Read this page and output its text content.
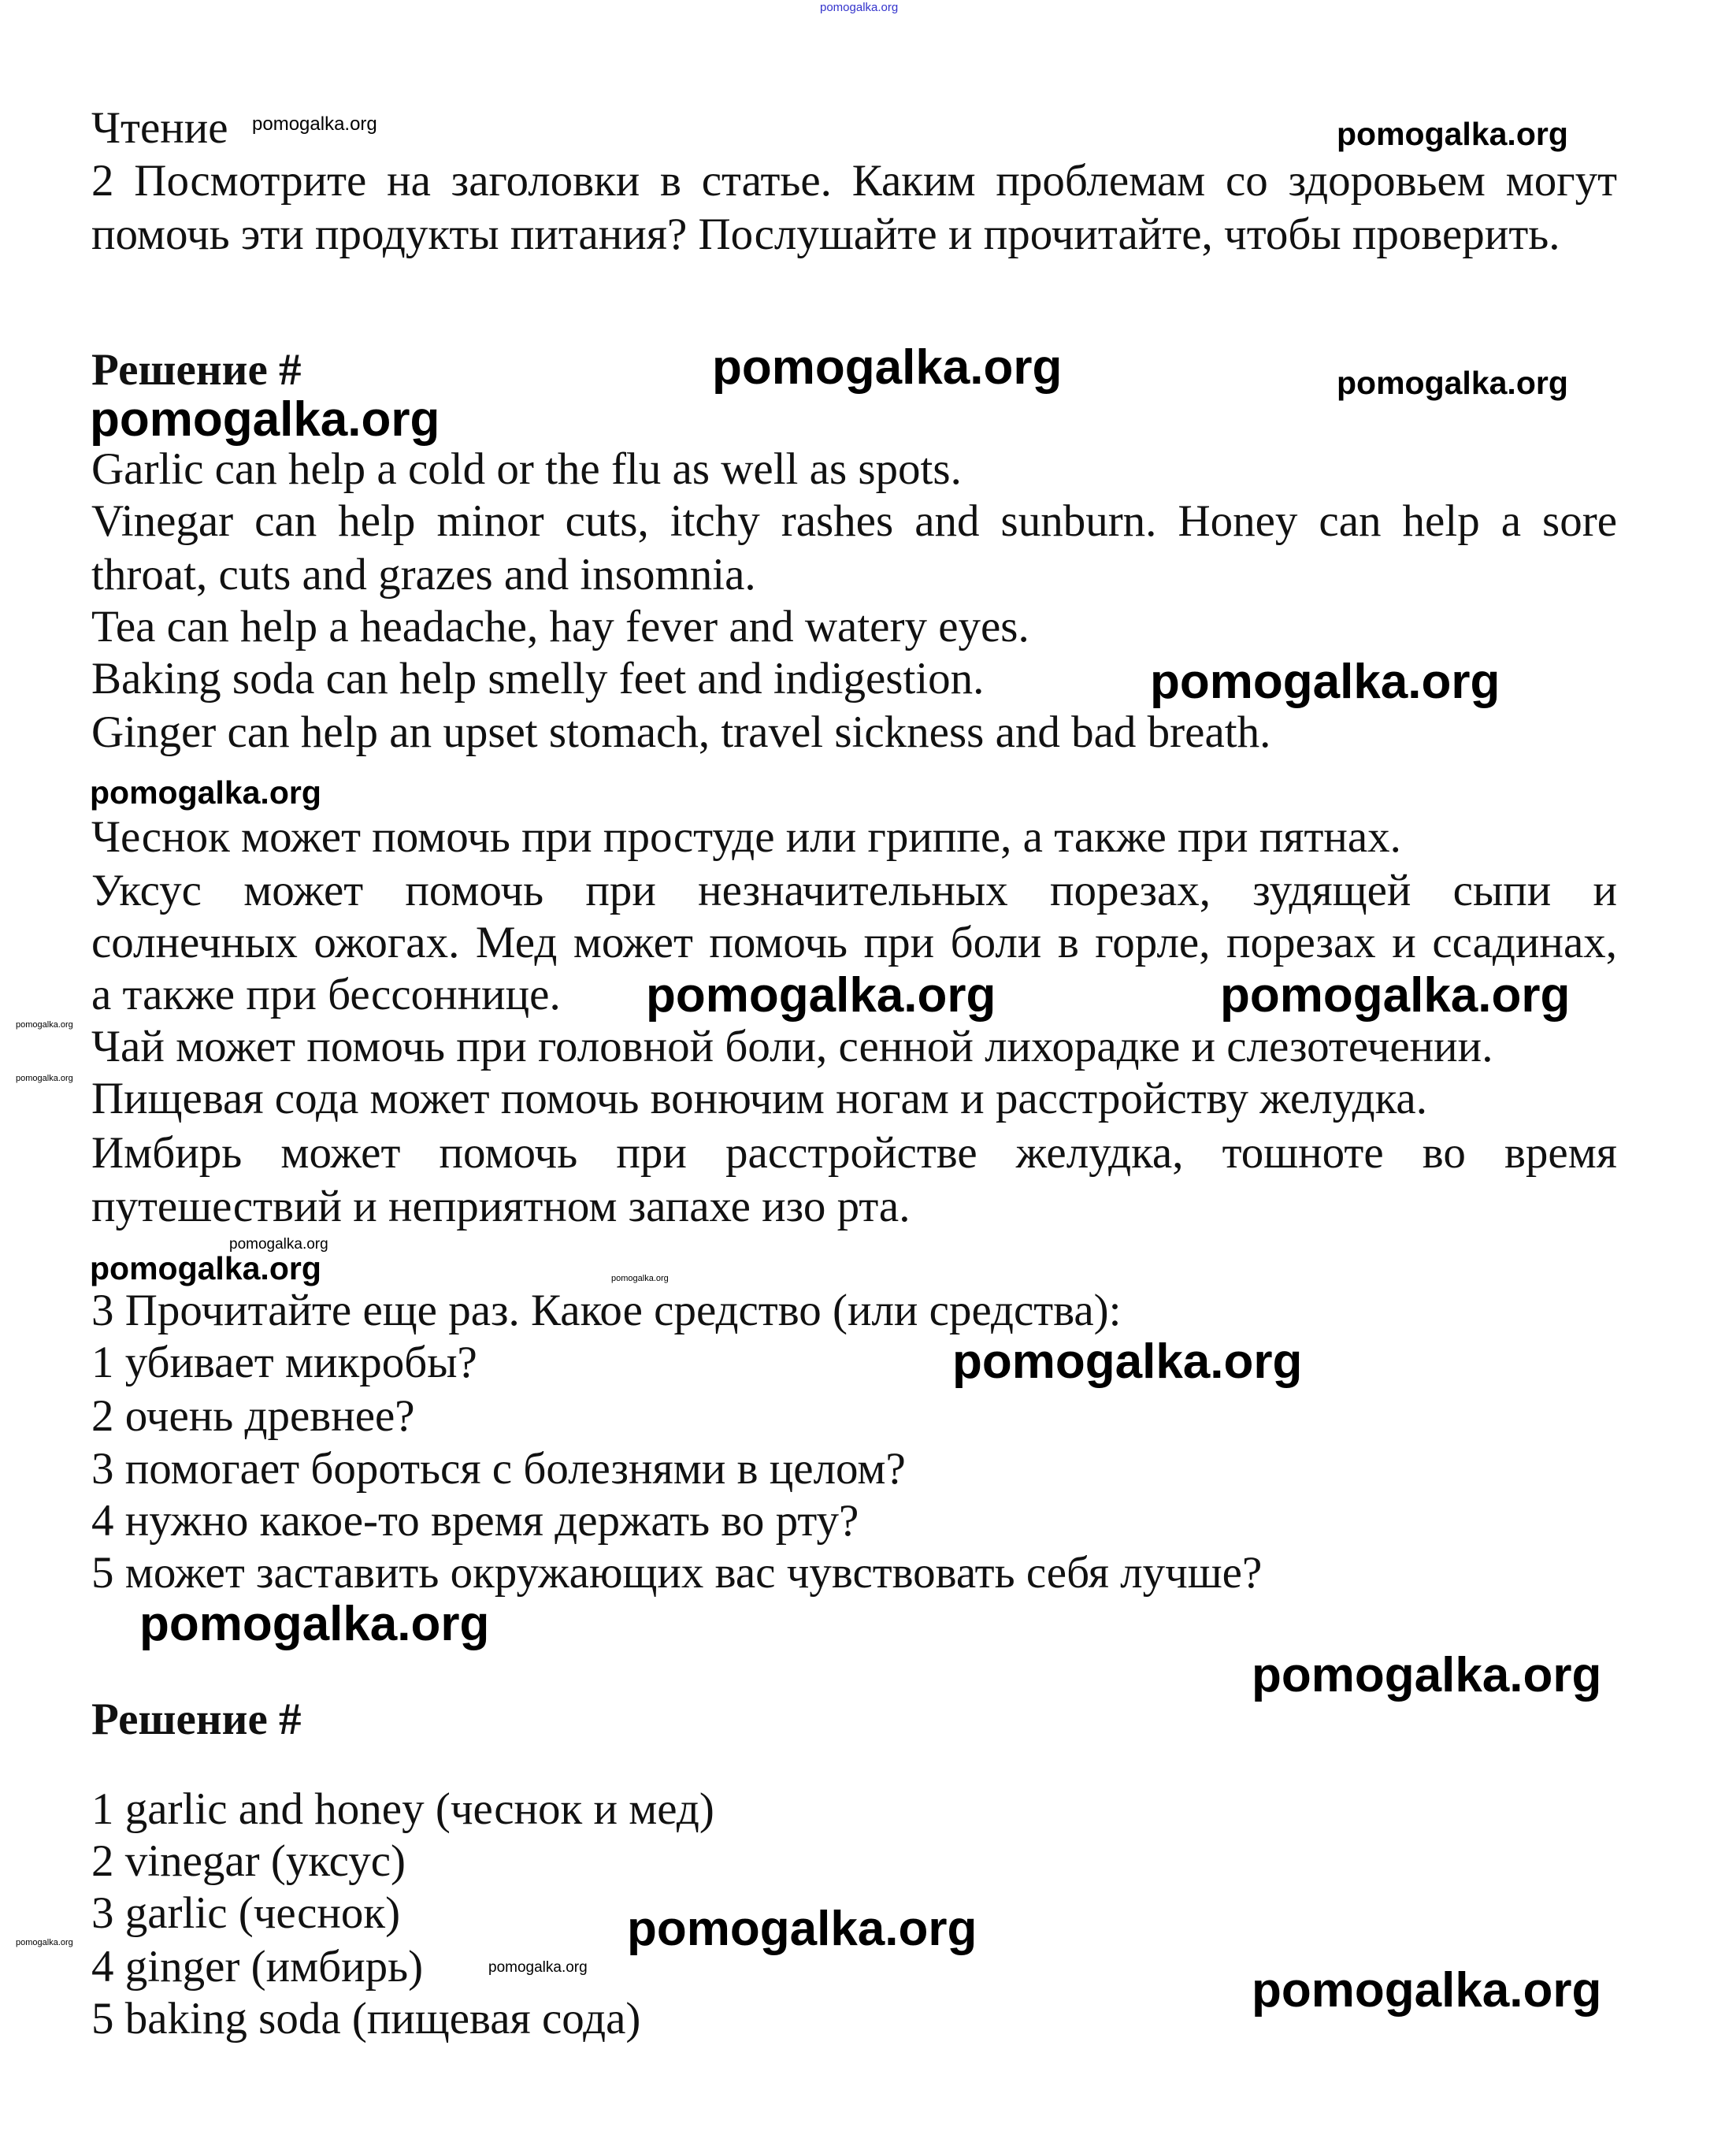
Чтение
2 Посмотрите на заголовки в статье. Каким проблемам со здоровьем могут
помочь эти продукты питания? Послушайте и прочитайте, чтобы проверить.
Решение #
Garlic can help a cold or the flu as well as spots.
Vinegar can help minor cuts, itchy rashes and sunburn. Honey can help a sore
throat, cuts and grazes and insomnia.
Tea can help a headache, hay fever and watery eyes.
Baking soda can help smelly feet and indigestion.
Ginger can help an upset stomach, travel sickness and bad breath.
Чеснок может помочь при простуде или гриппе, а также при пятнах.
Уксус может помочь при незначительных порезах, зудящей сыпи и
солнечных ожогах. Мед может помочь при боли в горле, порезах и ссадинах,
а также при бессоннице.
Чай может помочь при головной боли, сенной лихорадке и слезотечении.
Пищевая сода может помочь вонючим ногам и расстройству желудка.
Имбирь может помочь при расстройстве желудка, тошноте во время
путешествий и неприятном запахе изо рта.
3 Прочитайте еще раз. Какое средство (или средства):
1 убивает микробы?
2 очень древнее?
3 помогает бороться с болезнями в целом?
4 нужно какое-то время держать во рту?
5 может заставить окружающих вас чувствовать себя лучше?
Решение #
1 garlic and honey (чеснок и мед)
2 vinegar (уксус)
3 garlic (чеснок)
4 ginger (имбирь)
5 baking soda (пищевая сода)
pomogalka.org
pomogalka.org	pomogalka.org
pomogalka.org	pomogalka.org
pomogalka.org
pomogalka.org
pomogalka.org
pomogalka.org	pomogalka.org
pomogalka.org
pomogalka.org
pomogalka.org
pomogalka.org	pomogalka.org
pomogalka.org
pomogalka.org
pomogalka.org
pomogalka.org
pomogalka.org
pomogalka.org
pomogalka.org
